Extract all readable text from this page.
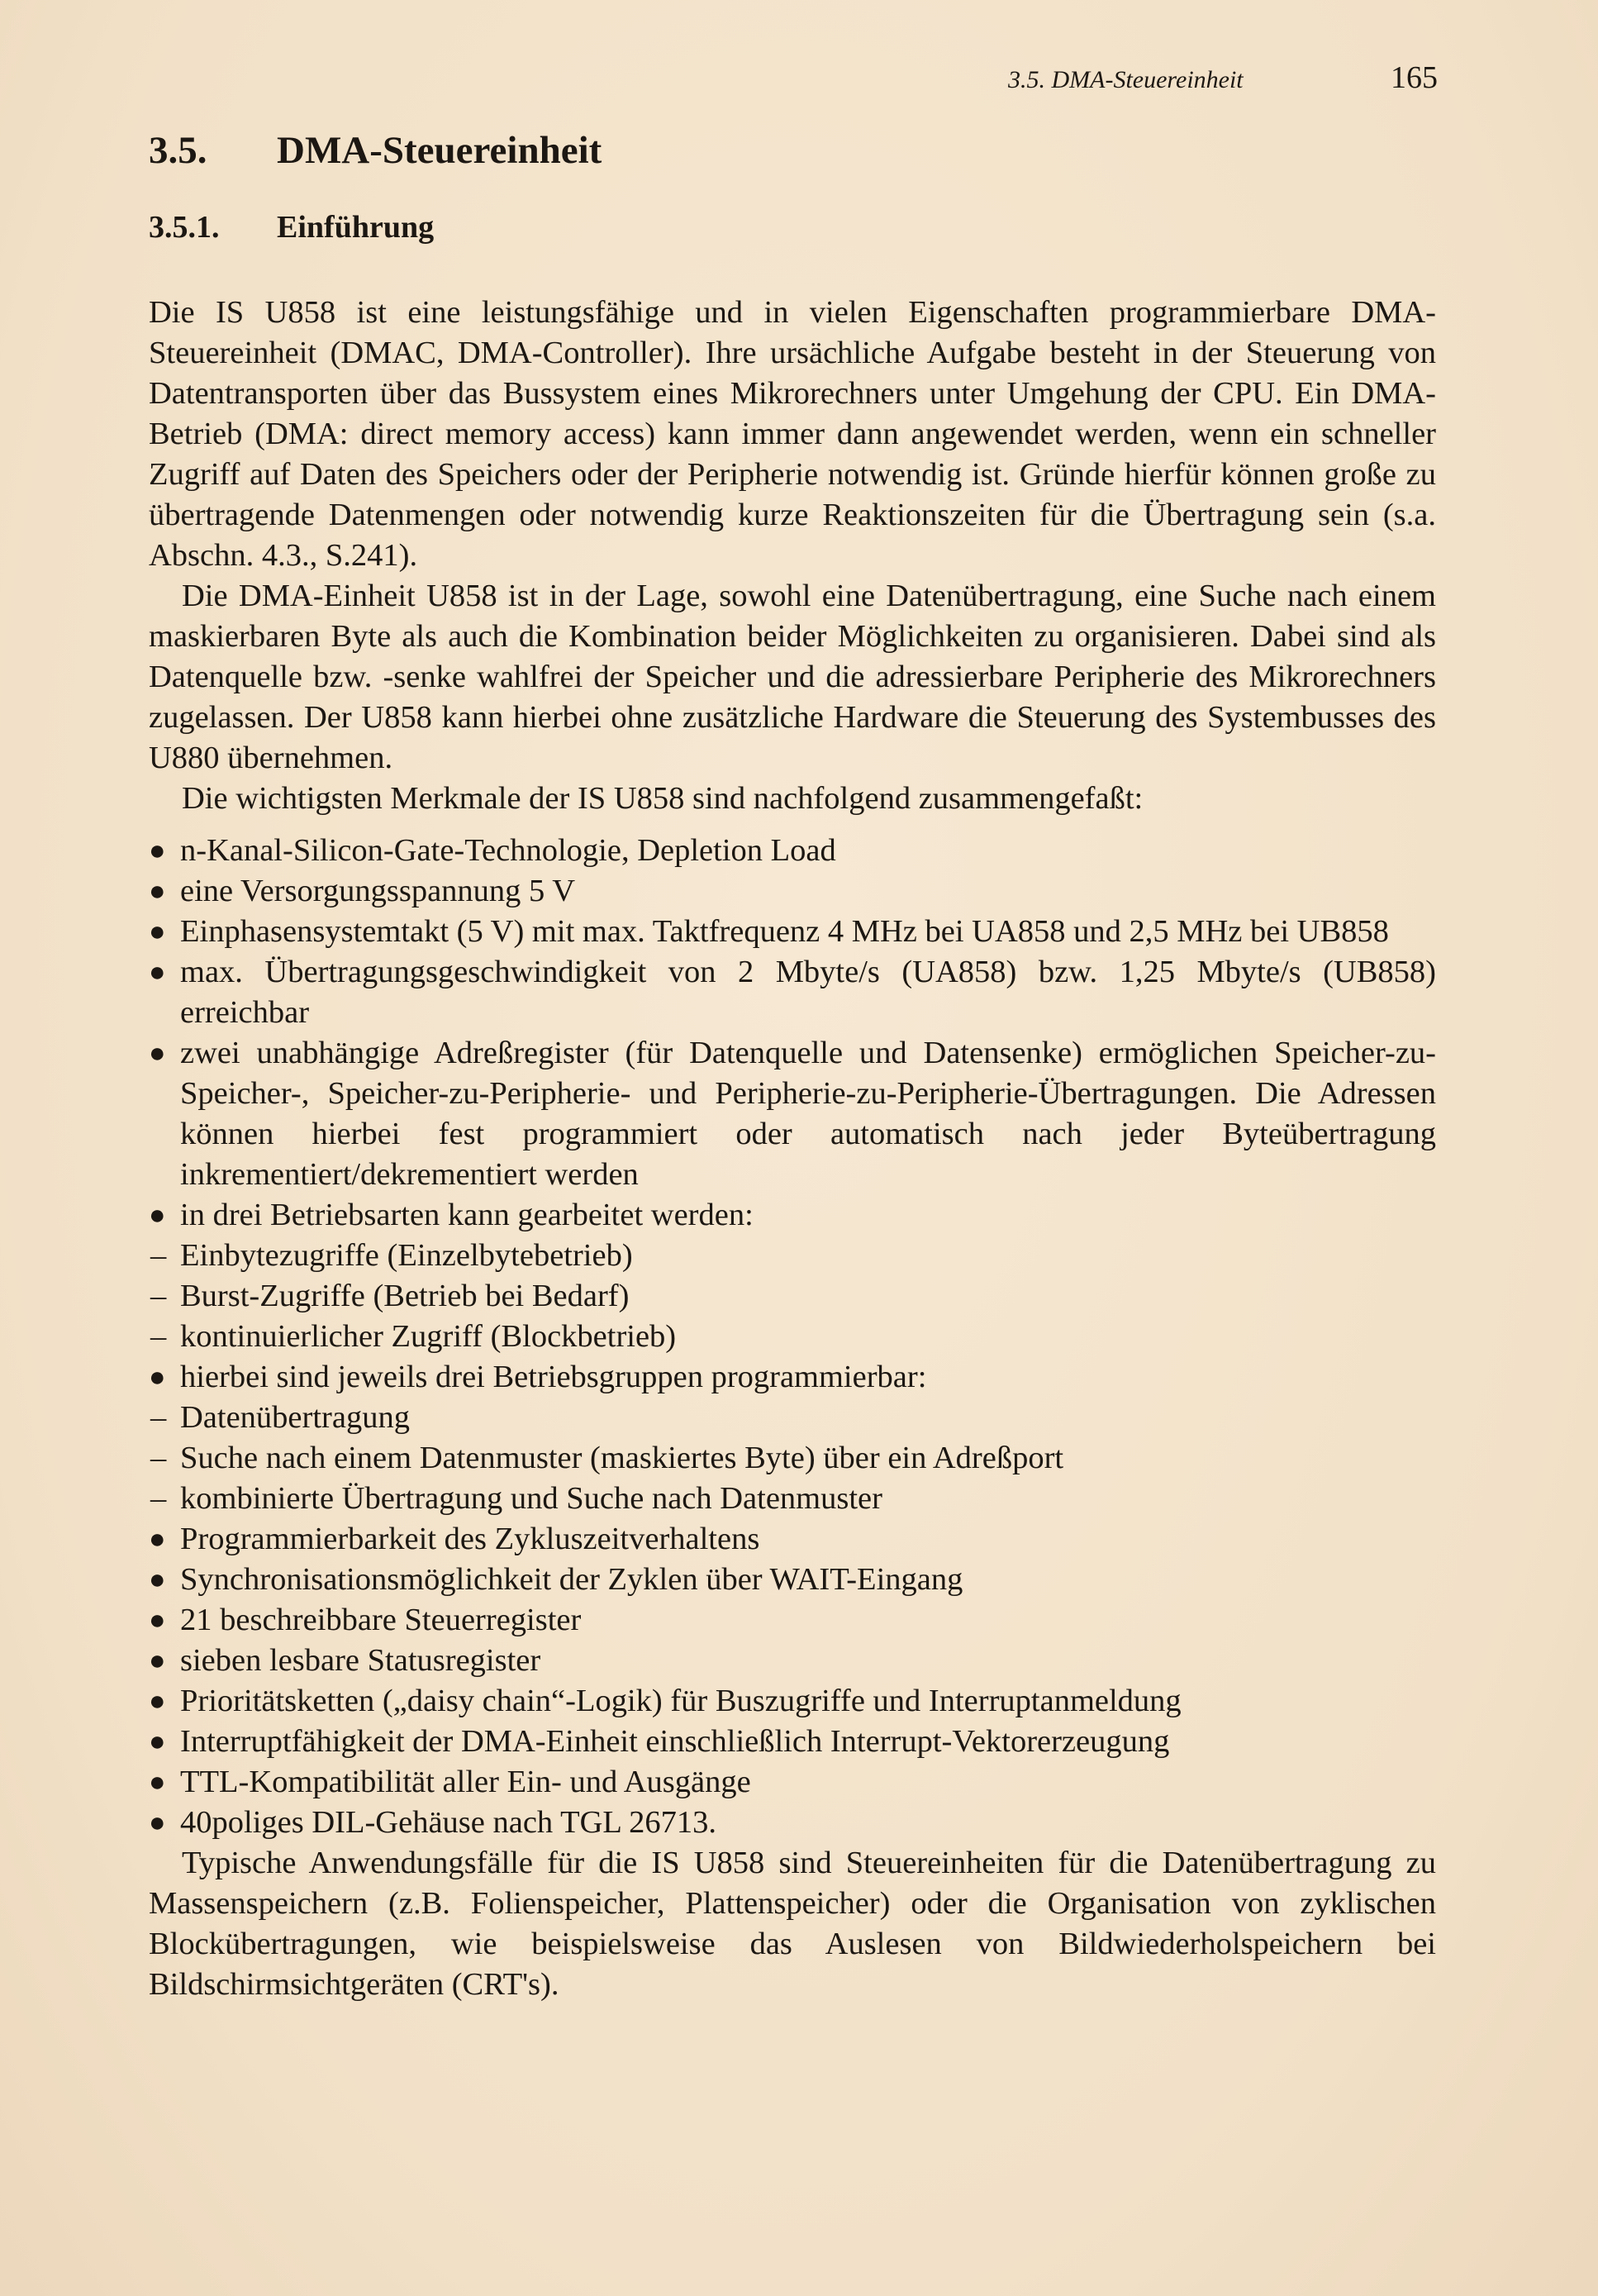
3.5. DMA-Steuereinheit	165
3.5.	DMA-Steuereinheit
3.5.1.	Einführung

Die IS U858 ist eine leistungsfähige und in vielen Eigenschaften programmierbare DMA-Steuereinheit (DMAC, DMA-Controller). Ihre ursächliche Aufgabe besteht in der Steuerung von Datentransporten über das Bussystem eines Mikrorechners unter Umgehung der CPU. Ein DMA-Betrieb (DMA: direct memory access) kann immer dann angewendet werden, wenn ein schneller Zugriff auf Daten des Speichers oder der Peripherie notwendig ist. Gründe hierfür können große zu übertragende Datenmengen oder notwendig kurze Reaktionszeiten für die Übertragung sein (s.a. Abschn. 4.3., S.241).

Die DMA-Einheit U858 ist in der Lage, sowohl eine Datenübertragung, eine Suche nach einem maskierbaren Byte als auch die Kombination beider Möglichkeiten zu organisieren. Dabei sind als Datenquelle bzw. -senke wahlfrei der Speicher und die adressierbare Peripherie des Mikrorechners zugelassen. Der U858 kann hierbei ohne zusätzliche Hardware die Steuerung des Systembusses des U880 übernehmen.

Die wichtigsten Merkmale der IS U858 sind nachfolgend zusammengefaßt:

● n-Kanal-Silicon-Gate-Technologie, Depletion Load
● eine Versorgungsspannung 5 V
● Einphasensystemtakt (5 V) mit max. Taktfrequenz 4 MHz bei UA858 und 2,5 MHz bei UB858
● max. Übertragungsgeschwindigkeit von 2 Mbyte/s (UA858) bzw. 1,25 Mbyte/s (UB858) erreichbar
● zwei unabhängige Adreßregister (für Datenquelle und Datensenke) ermöglichen Speicher-zu-Speicher-, Speicher-zu-Peripherie- und Peripherie-zu-Peripherie-Übertragungen. Die Adressen können hierbei fest programmiert oder automatisch nach jeder Byteübertragung inkrementiert/dekrementiert werden
● in drei Betriebsarten kann gearbeitet werden:
– Einbytezugriffe (Einzelbytebetrieb)
– Burst-Zugriffe (Betrieb bei Bedarf)
– kontinuierlicher Zugriff (Blockbetrieb)
● hierbei sind jeweils drei Betriebsgruppen programmierbar:
– Datenübertragung
– Suche nach einem Datenmuster (maskiertes Byte) über ein Adreßport
– kombinierte Übertragung und Suche nach Datenmuster
● Programmierbarkeit des Zykluszeitverhaltens
● Synchronisationsmöglichkeit der Zyklen über WAIT-Eingang
● 21 beschreibbare Steuerregister
● sieben lesbare Statusregister
● Prioritätsketten („daisy chain“-Logik) für Buszugriffe und Interruptanmeldung
● Interruptfähigkeit der DMA-Einheit einschließlich Interrupt-Vektorerzeugung
● TTL-Kompatibilität aller Ein- und Ausgänge
● 40poliges DIL-Gehäuse nach TGL 26713.

Typische Anwendungsfälle für die IS U858 sind Steuereinheiten für die Datenübertragung zu Massenspeichern (z.B. Folienspeicher, Plattenspeicher) oder die Organisation von zyklischen Blockübertragungen, wie beispielsweise das Auslesen von Bildwiederholspeichern bei Bildschirmsichtgeräten (CRT's).
